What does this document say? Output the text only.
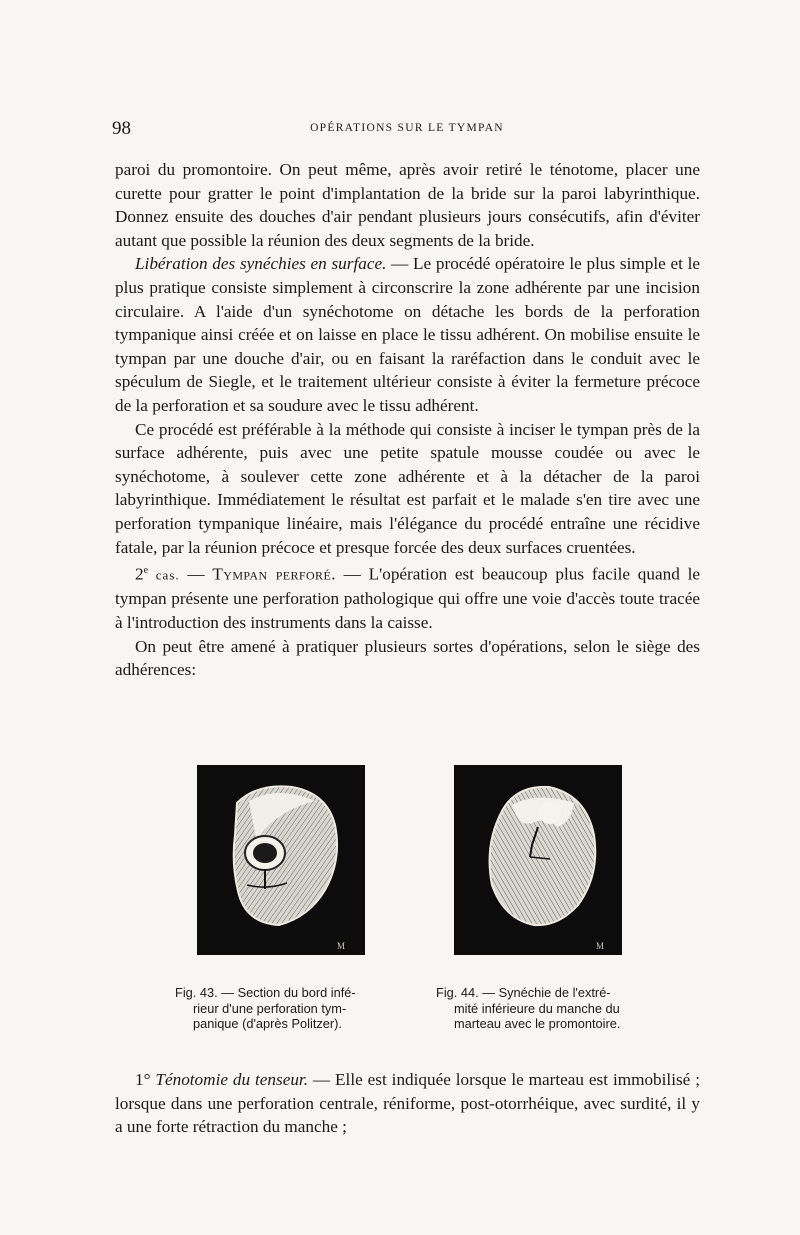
98	OPÉRATIONS SUR LE TYMPAN

paroi du promontoire. On peut même, après avoir retiré le ténotome, placer une curette pour gratter le point d'implantation de la bride sur la paroi labyrinthique. Donnez ensuite des douches d'air pendant plusieurs jours consécutifs, afin d'éviter autant que possible la réunion des deux segments de la bride.

Libération des synéchies en surface. — Le procédé opératoire le plus simple et le plus pratique consiste simplement à circonscrire la zone adhérente par une incision circulaire. A l'aide d'un synéchotome on détache les bords de la perforation tympanique ainsi créée et on laisse en place le tissu adhérent. On mobilise ensuite le tympan par une douche d'air, ou en faisant la raréfaction dans le conduit avec le spéculum de Siegle, et le traitement ultérieur consiste à éviter la fermeture précoce de la perforation et sa soudure avec le tissu adhérent.

Ce procédé est préférable à la méthode qui consiste à inciser le tympan près de la surface adhérente, puis avec une petite spatule mousse coudée ou avec le synéchotome, à soulever cette zone adhérente et à la détacher de la paroi labyrinthique. Immédiatement le résultat est parfait et le malade s'en tire avec une perforation tympanique linéaire, mais l'élégance du procédé entraîne une récidive fatale, par la réunion précoce et presque forcée des deux surfaces cruentées.

2e cas. — Tympan perforé. — L'opération est beaucoup plus facile quand le tympan présente une perforation pathologique qui offre une voie d'accès toute tracée à l'introduction des instruments dans la caisse.

On peut être amené à pratiquer plusieurs sortes d'opérations, selon le siège des adhérences:

M	M
Fig. 43. — Section du bord infé-
rieur d'une perforation tym-
panique (d'après Politzer).
Fig. 44. — Synéchie de l'extré-
mité inférieure du manche du
marteau avec le promontoire.

1° Ténotomie du tenseur. — Elle est indiquée lorsque le marteau est immobilisé ; lorsque dans une perforation centrale, réniforme, post-otorrhéique, avec surdité, il y a une forte rétraction du manche ;
